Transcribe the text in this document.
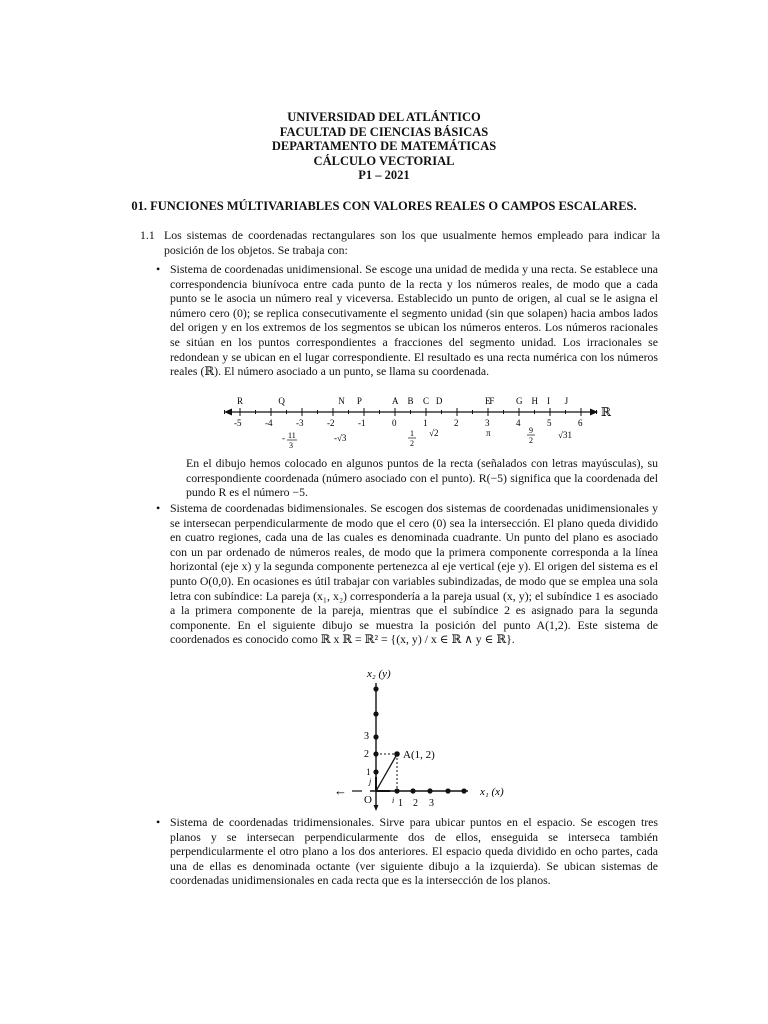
UNIVERSIDAD DEL ATLÁNTICO
FACULTAD DE CIENCIAS BÁSICAS
DEPARTAMENTO DE MATEMÁTICAS
CÁLCULO VECTORIAL
P1 – 2021
01. FUNCIONES MÚLTIVARIABLES CON VALORES REALES O CAMPOS ESCALARES.
1.1 Los sistemas de coordenadas rectangulares son los que usualmente hemos empleado para indicar la posición de los objetos. Se trabaja con:
• Sistema de coordenadas unidimensional. Se escoge una unidad de medida y una recta. Se establece una correspondencia biunívoca entre cada punto de la recta y los números reales, de modo que a cada punto se le asocia un número real y viceversa. Establecido un punto de origen, al cual se le asigna el número cero (0); se replica consecutivamente el segmento unidad (sin que solapen) hacia ambos lados del origen y en los extremos de los segmentos se ubican los números enteros. Los números racionales se sitúan en los puntos correspondientes a fracciones del segmento unidad. Los irracionales se redondean y se ubican en el lugar correspondiente. El resultado es una recta numérica con los números reales (ℝ). El número asociado a un punto, se llama su coordenada.
ℝ
-5	-4	-3	-2	-1	0	1	2	3	4	5	6
R	Q	P
N	A B C D	E
F G H I J
- 11
3
-√3	1
2
√2	π	9
2
√31
En el dibujo hemos colocado en algunos puntos de la recta (señalados con letras mayúsculas), su correspondiente coordenada (número asociado con el punto). R(−5) significa que la coordenada del pundo R es el número −5.
• Sistema de coordenadas bidimensionales. Se escogen dos sistemas de coordenadas unidimensionales y se intersecan perpendicularmente de modo que el cero (0) sea la intersección. El plano queda dividido en cuatro regiones, cada una de las cuales es denominada cuadrante. Un punto del plano es asociado con un par ordenado de números reales, de modo que la primera componente corresponda a la línea horizontal (eje x) y la segunda componente pertenezca al eje vertical (eje y). El origen del sistema es el punto O(0,0). En ocasiones es útil trabajar con variables subindizadas, de modo que se emplea una sola letra con subíndice: La pareja (x₁, x₂) correspondería a la pareja usual (x, y); el subíndice 1 es asociado a la primera componente de la pareja, mientras que el subíndice 2 es asignado para la segunda componente. En el siguiente dibujo se muestra la posición del punto A(1,2). Este sistema de coordenados es conocido como ℝ x ℝ = ℝ² = {(x, y) / x ∈ ℝ ∧ y ∈ ℝ}.
x₂ (y)
←	x₁ (x)
3
2
1
j
i 1 2 3
O
A(1, 2)
• Sistema de coordenadas tridimensionales. Sirve para ubicar puntos en el espacio. Se escogen tres planos y se intersecan perpendicularmente dos de ellos, enseguida se interseca también perpendicularmente el otro plano a los dos anteriores. El espacio queda dividido en ocho partes, cada una de ellas es denominada octante (ver siguiente dibujo a la izquierda). Se ubican sistemas de coordenadas unidimensionales en cada recta que es la intersección de los planos.
